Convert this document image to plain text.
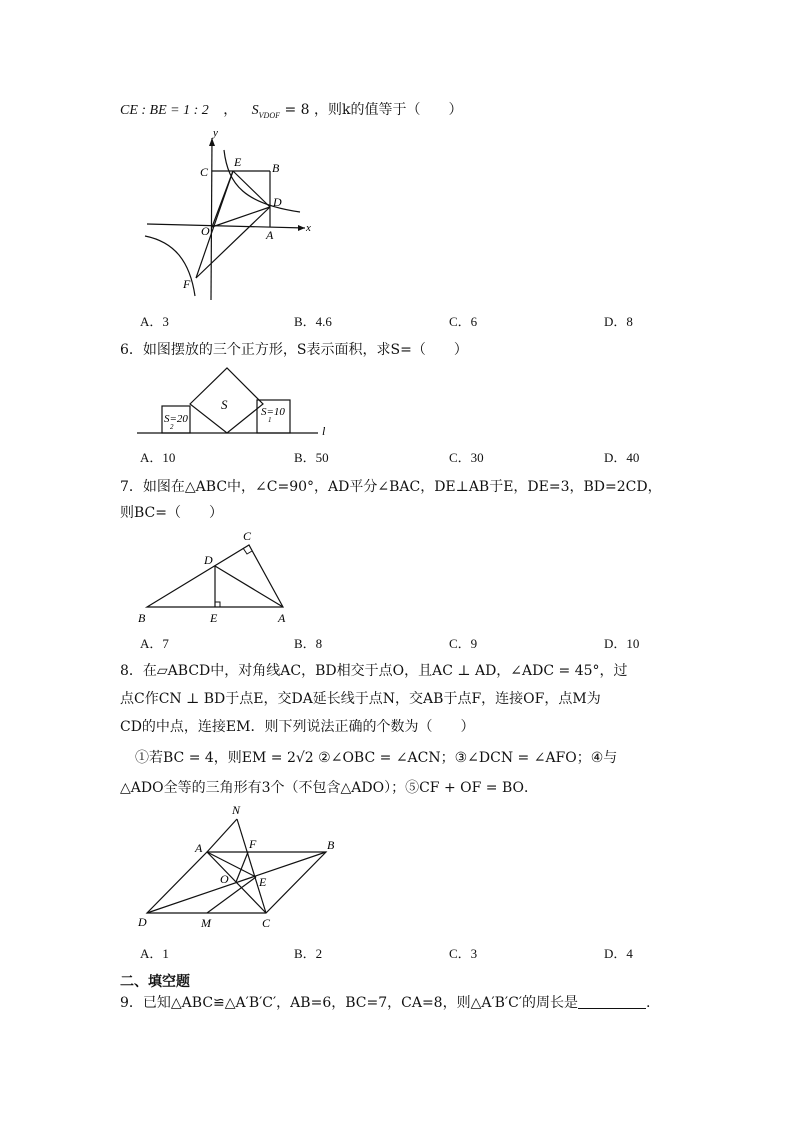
CE : BE = 1 : 2 ， $S_{VDOF} = 8$ ，则k的值等于（　　）
y
x
C
E	B
D
O	A
F
A．3	B．4.6	C．6	D．8
6．如图摆放的三个正方形，S表示面积，求S=（　　）
S
S=20
2
S=10
1
l
A．10	B．50	C．30	D．40
7．如图在△ABC中，∠C=90°，AD平分∠BAC，DE⊥AB于E，DE=3，BD=2CD，
则BC=（　　）
C
D
B	E	A
A．7	B．8	C．9	D．10
8．在▱ABCD中，对角线AC，BD相交于点O，且AC ⊥ AD，∠ADC = 45°，过
点C作CN ⊥ BD于点E，交DA延长线于点N，交AB于点F，连接OF，点M为
CD的中点，连接EM．则下列说法正确的个数为（　　）
①若BC = 4，则EM = 2√2 ②∠OBC = ∠ACN；③∠DCN = ∠AFO；④与
△ADO全等的三角形有3个（不包含△ADO）；⑤CF + OF = BO．
N
A	F	B
O	E
D	M	C
A．1	B．2	C．3	D．4
二、填空题
9．已知△ABC≌△A′B′C′，AB=6，BC=7，CA=8，则△A′B′C′的周长是	.
